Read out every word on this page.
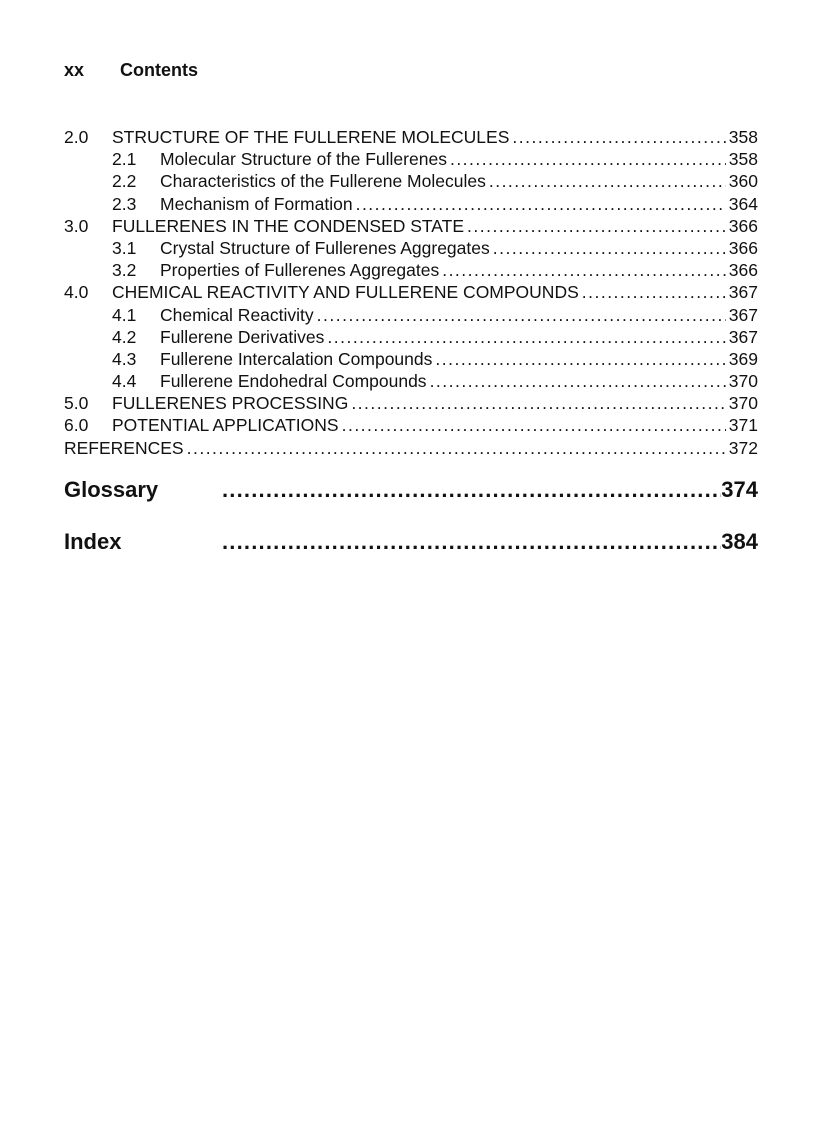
xx Contents
2.0	STRUCTURE OF THE FULLERENE MOLECULES .....	358
2.1	Molecular Structure of the Fullerenes .....	358
2.2	Characteristics of the Fullerene Molecules .....	360
2.3	Mechanism of Formation .....	364
3.0	FULLERENES IN THE CONDENSED STATE .....	366
3.1	Crystal Structure of Fullerenes Aggregates .....	366
3.2	Properties of Fullerenes Aggregates .....	366
4.0	CHEMICAL REACTIVITY AND FULLERENE COMPOUNDS .....	367
4.1	Chemical Reactivity .....	367
4.2	Fullerene Derivatives .....	367
4.3	Fullerene Intercalation Compounds .....	369
4.4	Fullerene Endohedral Compounds .....	370
5.0	FULLERENES PROCESSING .....	370
6.0	POTENTIAL APPLICATIONS .....	371
REFERENCES .....	372
Glossary .....	374
Index .....	384
